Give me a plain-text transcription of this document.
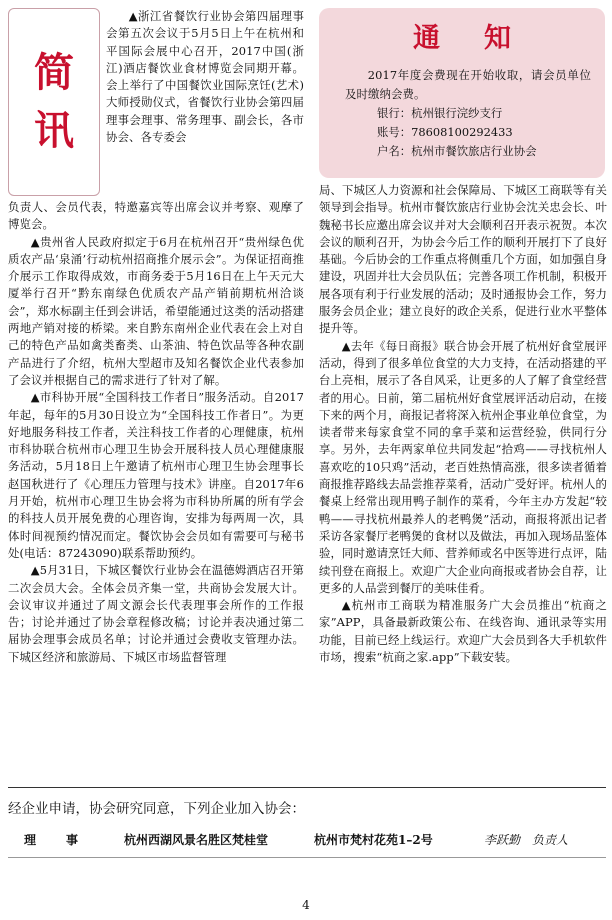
简
讯

▲浙江省餐饮行业协会第四届理事会第五次会议于5月5日上午在杭州和平国际会展中心召开，2017中国(浙江)酒店餐饮业食材博览会同期开幕。会上举行了中国餐饮业国际烹饪(艺术)大师授勋仪式，省餐饮行业协会第四届理事会理事、常务理事、副会长，各市协会、各专委会

负责人、会员代表，特邀嘉宾等出席会议并考察、观摩了博览会。

▲贵州省人民政府拟定于6月在杭州召开“贵州绿色优质农产品‘泉涌’行动杭州招商推介展示会”。为保证招商推介展示工作取得成效，市商务委于5月16日在上午天元大厦举行召开“黔东南绿色优质农产品产销前期杭州洽谈会”，郑水标副主任到会讲话，希望能通过这类的活动搭建两地产销对接的桥梁。来自黔东南州企业代表在会上对自己的特色产品如禽类畜类、山茶油、特色饮品等各种农副产品进行了介绍，杭州大型超市及知名餐饮企业代表参加了会议并根据自己的需求进行了针对了解。

▲市科协开展“全国科技工作者日”服务活动。自2017年起，每年的5月30日设立为“全国科技工作者日”。为更好地服务科技工作者，关注科技工作者的心理健康，杭州市科协联合杭州市心理卫生协会开展科技人员心理健康服务活动，5月18日上午邀请了杭州市心理卫生协会理事长赵国秋进行了《心理压力管理与技术》讲座。自2017年6月开始，杭州市心理卫生协会将为市科协所属的所有学会的科技人员开展免费的心理咨询，安排为每两周一次，具体时间视预约情况而定。餐饮协会会员如有需要可与秘书处(电话：87243090)联系帮助预约。

▲5月31日，下城区餐饮行业协会在温德姆酒店召开第二次会员大会。全体会员齐集一堂，共商协会发展大计。会议审议并通过了周文源会长代表理事会所作的工作报告；讨论并通过了协会章程修改稿；讨论并表决通过第二届协会理事会成员名单；讨论并通过会费收支管理办法。下城区经济和旅游局、下城区市场监督管理

通知

2017年度会费现在开始收取，请会员单位及时缴纳会费。

银行：杭州银行浣纱支行
账号：78608100292433
户名：杭州市餐饮旅店行业协会

局、下城区人力资源和社会保障局、下城区工商联等有关领导到会指导。杭州市餐饮旅店行业协会沈关忠会长、叶魏秘书长应邀出席会议并对大会顺利召开表示祝贺。本次会议的顺利召开，为协会今后工作的顺利开展打下了良好基础。今后协会的工作重点将侧重几个方面，如加强自身建设，巩固并壮大会员队伍；完善各项工作机制，积极开展各项有利于行业发展的活动；及时通报协会工作，努力服务会员企业；建立良好的政企关系，促进行业水平整体提升等。

▲去年《每日商报》联合协会开展了杭州好食堂展评活动，得到了很多单位食堂的大力支持，在活动搭建的平台上亮相，展示了各自风采，让更多的人了解了食堂经营者的用心。日前，第二届杭州好食堂展评活动启动，在接下来的两个月，商报记者将深入杭州企事业单位食堂，为读者带来每家食堂不同的拿手菜和运营经验，供同行分享。另外，去年两家单位共同发起“拾鸡——寻找杭州人喜欢吃的10只鸡”活动，老百姓热情高涨，很多读者循着商报推荐路线去品尝推荐菜肴，活动广受好评。杭州人的餐桌上经常出现用鸭子制作的菜肴，今年主办方发起“较鸭——寻找杭州最养人的老鸭煲”活动，商报将派出记者采访各家餐厅老鸭煲的食材以及做法，再加入现场品鉴体验，同时邀请烹饪大师、营养师或名中医等进行点评，陆续刊登在商报上。欢迎广大企业向商报或者协会自荐，让更多的人品尝到餐厅的美味佳肴。

▲杭州市工商联为精准服务广大会员推出“杭商之家”APP，具备最新政策公布、在线咨询、通讯录等实用功能，目前已经上线运行。欢迎广大会员到各大手机软件市场，搜索“杭商之家.app”下载安装。

经企业申请，协会研究同意，下列企业加入协会：
理事	杭州西湖风景名胜区梵桂堂	杭州市梵村花苑1–2号	李跃勤　负责人
4
